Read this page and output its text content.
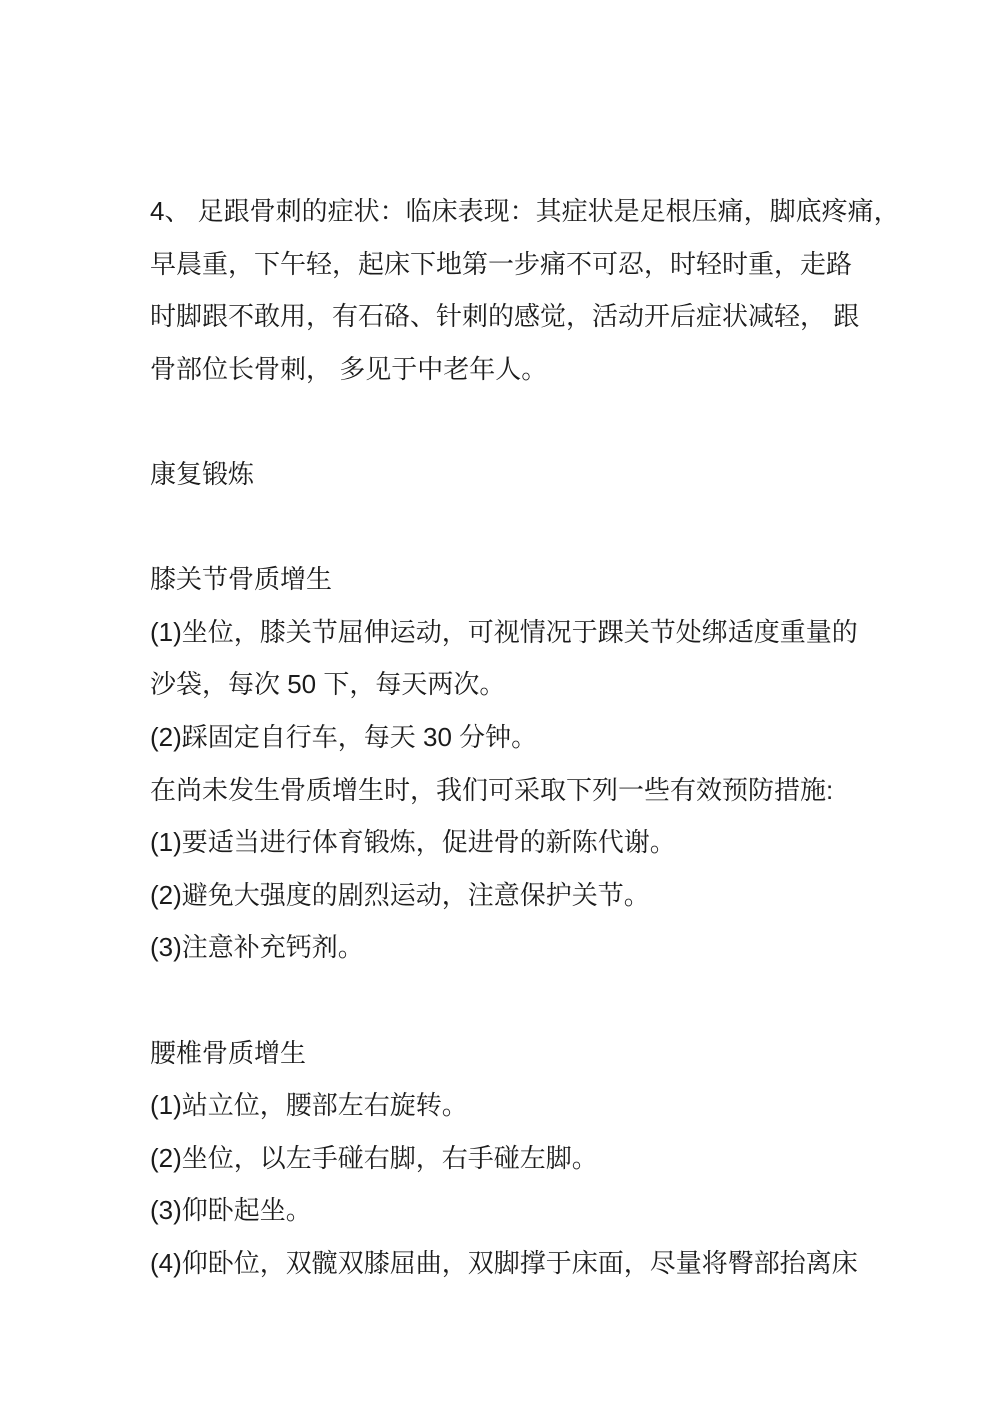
4、 足跟骨刺的症状：临床表现：其症状是足根压痛，脚底疼痛，
早晨重，下午轻，起床下地第一步痛不可忍，时轻时重，走路
时脚跟不敢用，有石硌、针刺的感觉，活动开后症状减轻， 跟
骨部位长骨刺， 多见于中老年人。
康复锻炼
膝关节骨质增生
(1)坐位，膝关节屈伸运动，可视情况于踝关节处绑适度重量的
沙袋，每次 50 下，每天两次。
(2)踩固定自行车，每天 30 分钟。
在尚未发生骨质增生时，我们可采取下列一些有效预防措施:
(1)要适当进行体育锻炼，促进骨的新陈代谢。
(2)避免大强度的剧烈运动，注意保护关节。
(3)注意补充钙剂。
腰椎骨质增生
(1)站立位，腰部左右旋转。
(2)坐位，以左手碰右脚，右手碰左脚。
(3)仰卧起坐。
(4)仰卧位，双髋双膝屈曲，双脚撑于床面，尽量将臀部抬离床
